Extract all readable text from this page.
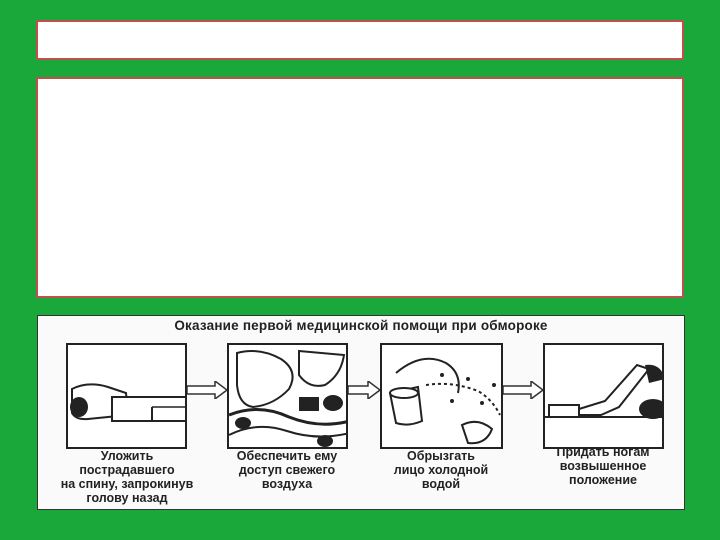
Оказание первой медицинской помощи при обмороке
Уложить
пострадавшего
на спину, запрокинув
голову назад
Обеспечить ему
доступ свежего
воздуха
Обрызгать
лицо холодной
водой
Придать ногам
возвышенное
положение
